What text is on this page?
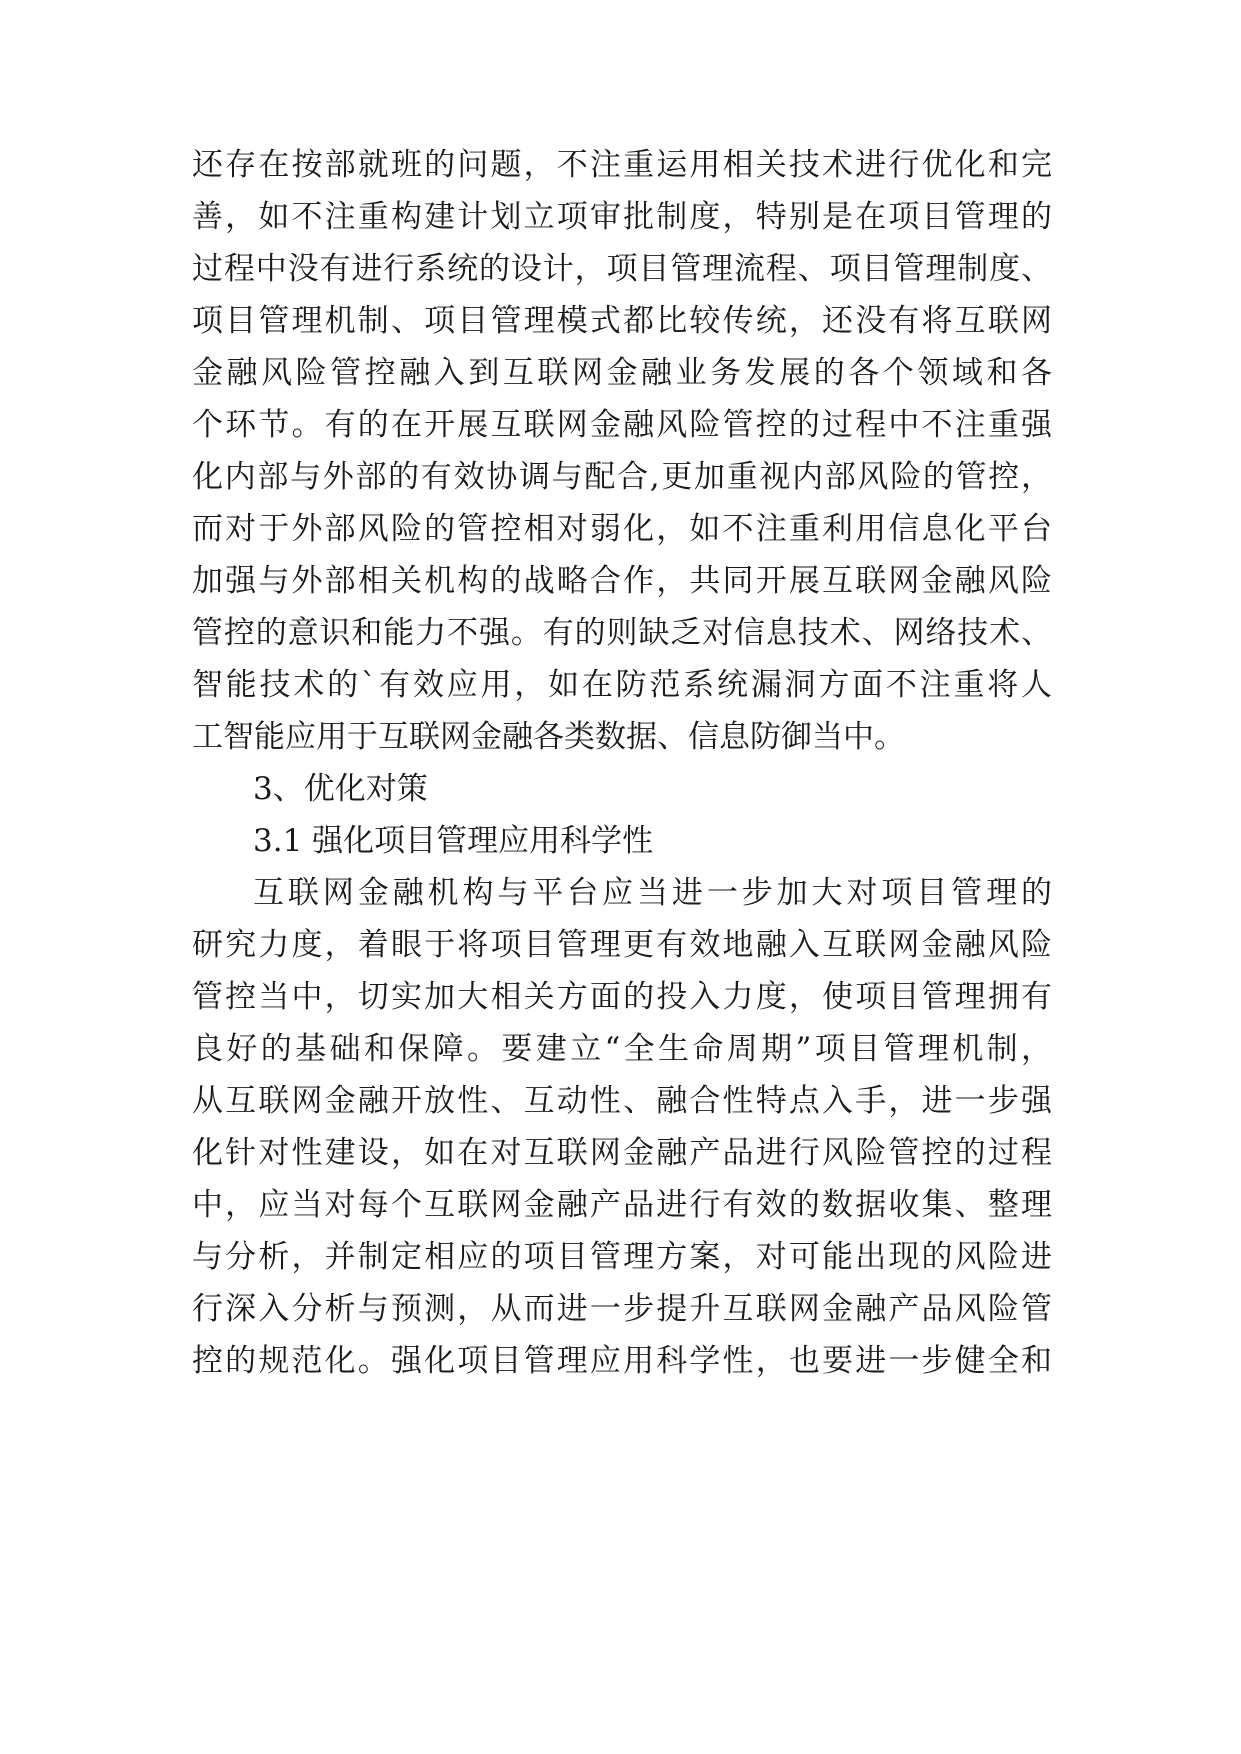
还存在按部就班的问题，不注重运用相关技术进行优化和完
善，如不注重构建计划立项审批制度，特别是在项目管理的
过程中没有进行系统的设计，项目管理流程、项目管理制度、
项目管理机制、项目管理模式都比较传统，还没有将互联网
金融风险管控融入到互联网金融业务发展的各个领域和各
个环节。有的在开展互联网金融风险管控的过程中不注重强
化内部与外部的有效协调与配合,更加重视内部风险的管控，
而对于外部风险的管控相对弱化，如不注重利用信息化平台
加强与外部相关机构的战略合作，共同开展互联网金融风险
管控的意识和能力不强。有的则缺乏对信息技术、网络技术、
智能技术的`有效应用，如在防范系统漏洞方面不注重将人
工智能应用于互联网金融各类数据、信息防御当中。
3、优化对策
3.1 强化项目管理应用科学性
互联网金融机构与平台应当进一步加大对项目管理的
研究力度，着眼于将项目管理更有效地融入互联网金融风险
管控当中，切实加大相关方面的投入力度，使项目管理拥有
良好的基础和保障。要建立“全生命周期”项目管理机制，
从互联网金融开放性、互动性、融合性特点入手，进一步强
化针对性建设，如在对互联网金融产品进行风险管控的过程
中，应当对每个互联网金融产品进行有效的数据收集、整理
与分析，并制定相应的项目管理方案，对可能出现的风险进
行深入分析与预测，从而进一步提升互联网金融产品风险管
控的规范化。强化项目管理应用科学性，也要进一步健全和
